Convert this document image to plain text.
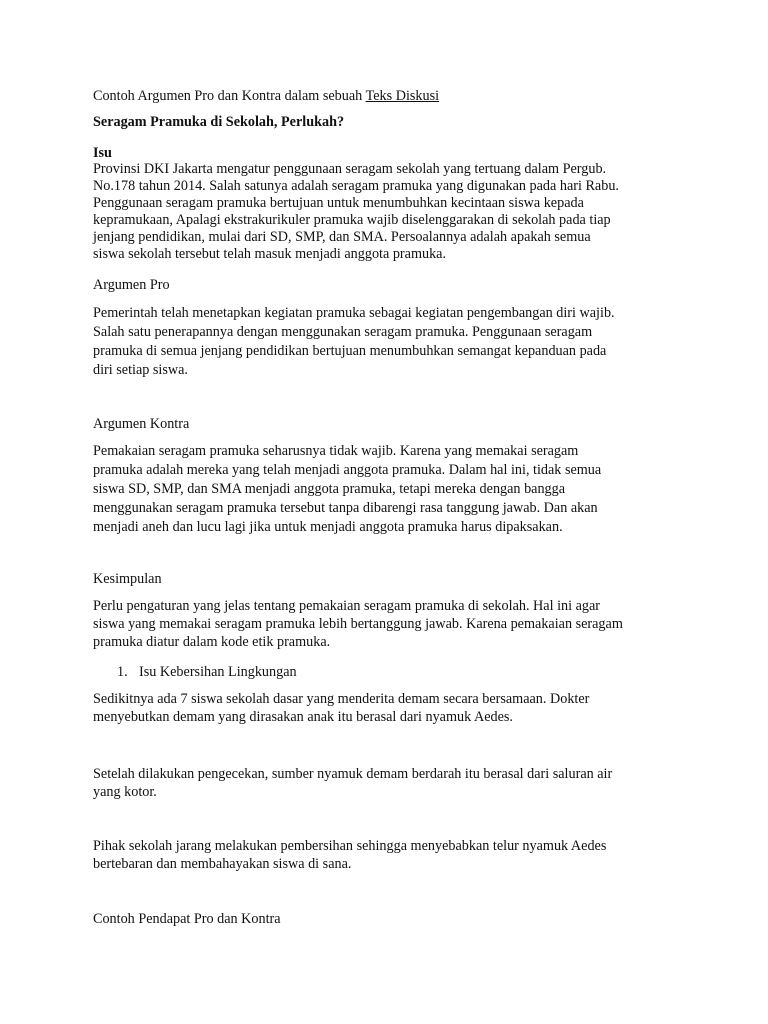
Contoh Argumen Pro dan Kontra dalam sebuah Teks Diskusi

Seragam Pramuka di Sekolah, Perlukah?

Isu

Provinsi DKI Jakarta mengatur penggunaan seragam sekolah yang tertuang dalam Pergub.

No.178 tahun 2014. Salah satunya adalah seragam pramuka yang digunakan pada hari Rabu.

Penggunaan seragam pramuka bertujuan untuk menumbuhkan kecintaan siswa kepada

kepramukaan, Apalagi ekstrakurikuler pramuka wajib diselenggarakan di sekolah pada tiap

jenjang pendidikan, mulai dari SD, SMP, dan SMA. Persoalannya adalah apakah semua

siswa sekolah tersebut telah masuk menjadi anggota pramuka.

Argumen Pro

Pemerintah telah menetapkan kegiatan pramuka sebagai kegiatan pengembangan diri wajib.

Salah satu penerapannya dengan menggunakan seragam pramuka. Penggunaan seragam

pramuka di semua jenjang pendidikan bertujuan menumbuhkan semangat kepanduan pada

diri setiap siswa.

Argumen Kontra

Pemakaian seragam pramuka seharusnya tidak wajib. Karena yang memakai seragam

pramuka adalah mereka yang telah menjadi anggota pramuka. Dalam hal ini, tidak semua

siswa SD, SMP, dan SMA menjadi anggota pramuka, tetapi mereka dengan bangga

menggunakan seragam pramuka tersebut tanpa dibarengi rasa tanggung jawab. Dan akan

menjadi aneh dan lucu lagi jika untuk menjadi anggota pramuka harus dipaksakan.

Kesimpulan

Perlu pengaturan yang jelas tentang pemakaian seragam pramuka di sekolah. Hal ini agar

siswa yang memakai seragam pramuka lebih bertanggung jawab. Karena pemakaian seragam

pramuka diatur dalam kode etik pramuka.

1. Isu Kebersihan Lingkungan

Sedikitnya ada 7 siswa sekolah dasar yang menderita demam secara bersamaan. Dokter

menyebutkan demam yang dirasakan anak itu berasal dari nyamuk Aedes.

Setelah dilakukan pengecekan, sumber nyamuk demam berdarah itu berasal dari saluran air

yang kotor.

Pihak sekolah jarang melakukan pembersihan sehingga menyebabkan telur nyamuk Aedes

bertebaran dan membahayakan siswa di sana.

Contoh Pendapat Pro dan Kontra
